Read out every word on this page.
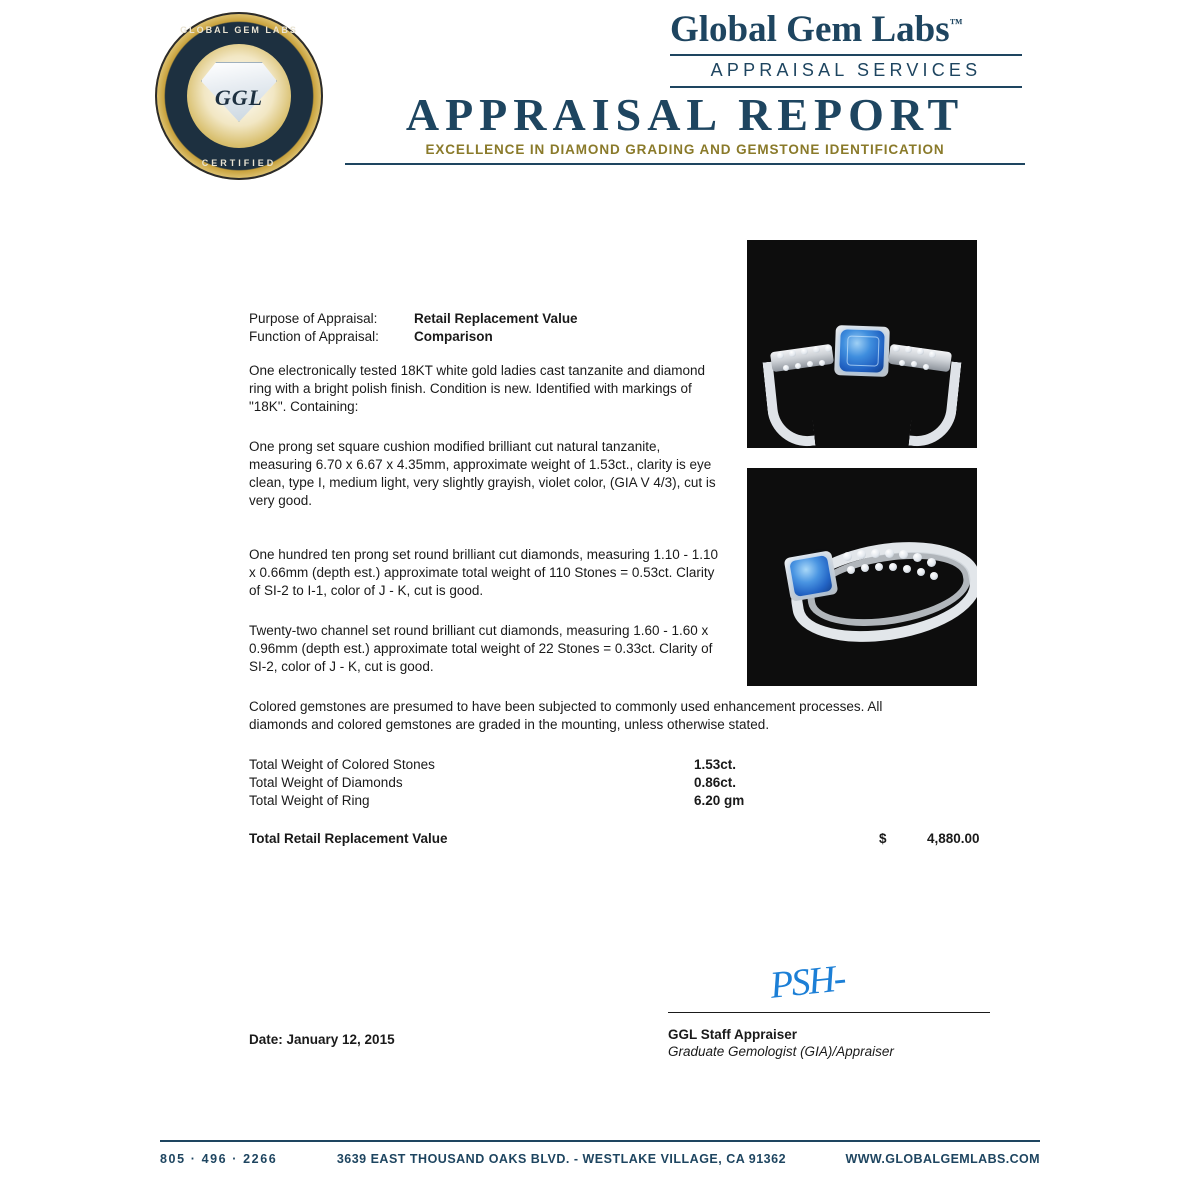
GLOBAL GEM LABS
CERTIFIED
GGL
Global Gem Labs™
APPRAISAL SERVICES
APPRAISAL REPORT
EXCELLENCE IN DIAMOND GRADING AND GEMSTONE IDENTIFICATION
Purpose of Appraisal:	Retail Replacement Value
Function of Appraisal:	Comparison
One electronically tested 18KT white gold ladies cast tanzanite and diamond ring with a bright polish finish. Condition is new. Identified with markings of "18K". Containing:
One prong set square cushion modified brilliant cut natural tanzanite, measuring 6.70 x 6.67 x 4.35mm, approximate weight of 1.53ct., clarity is eye clean, type I, medium light, very slightly grayish, violet color, (GIA V 4/3), cut is very good.
One hundred ten prong set round brilliant cut diamonds, measuring 1.10 - 1.10 x 0.66mm (depth est.) approximate total weight of 110 Stones = 0.53ct. Clarity of SI-2 to I-1, color of J - K, cut is good.
Twenty-two channel set round brilliant cut diamonds, measuring 1.60 - 1.60 x 0.96mm (depth est.) approximate total weight of 22 Stones = 0.33ct. Clarity of SI-2, color of J - K, cut is good.
Colored gemstones are presumed to have been subjected to commonly used enhancement processes. All diamonds and colored gemstones are graded in the mounting, unless otherwise stated.
Total Weight of Colored Stones	1.53ct.
Total Weight of Diamonds	0.86ct.
Total Weight of Ring	6.20 gm
Total Retail Replacement Value	$	4,880.00
PSH-
GGL Staff Appraiser
Graduate Gemologist (GIA)/Appraiser
Date: January 12, 2015
805 · 496 · 2266	3639 EAST THOUSAND OAKS BLVD. - WESTLAKE VILLAGE, CA 91362	WWW.GLOBALGEMLABS.COM
